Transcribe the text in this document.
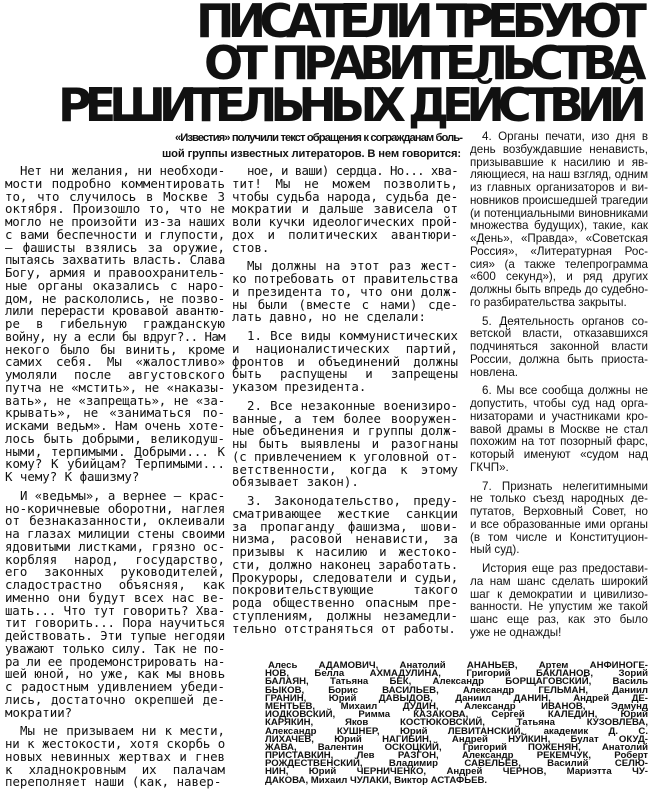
ПИСАТЕЛИ ТРЕБУЮТ
ОТ ПРАВИТЕЛЬСТВА
РЕШИТЕЛЬНЫХ ДЕЙСТВИЙ
«Известия» получили текст обращения к согражданам боль-
шой группы известных литераторов. В нем говорится:
Нет ни желания, ни необходи-
мости подробно комментировать
то, что случилось в Москве 3
октября. Произошло то, что не
могло не произойти из-за наших
с вами беспечности и глупости,
— фашисты взялись за оружие,
пытаясь захватить власть. Слава
Богу, армия и правоохранитель-
ные органы оказались с наро-
дом, не раскололись, не позво-
лили перерасти кровавой авантю-
ре в гибельную гражданскую
войну, ну а если бы вдруг?.. Нам
некого было бы винить, кроме
самих себя. Мы «жалостливо»
умоляли после августовского
путча не «мстить», не «наказы-
вать», не «запрещать», не «за-
крывать», не «заниматься по-
исками ведьм». Нам очень хоте-
лось быть добрыми, великодуш-
ными, терпимыми. Добрыми... К
кому? К убийцам? Терпимыми...
К чему? К фашизму?
И «ведьмы», а вернее — крас-
но-коричневые оборотни, наглея
от безнаказанности, оклеивали
на глазах милиции стены своими
ядовитыми листками, грязно ос-
корбляя народ, государство,
его законных руководителей,
сладострастно объясняя, как
именно они будут всех нас ве-
шать... Что тут говорить? Хва-
тит говорить... Пора научиться
действовать. Эти тупые негодяи
уважают только силу. Так не по-
ра ли ее продемонстрировать на-
шей юной, но уже, как мы вновь
с радостным удивлением убеди-
лись, достаточно окрепшей де-
мократии?
Мы не призываем ни к мести,
ни к жестокости, хотя скорбь о
новых невинных жертвах и гнев
к хладнокровным их палачам
переполняет наши (как, навер-
ное, и ваши) сердца. Но... хва-
тит! Мы не можем позволить,
чтобы судьба народа, судьба де-
мократии и дальше зависела от
воли кучки идеологических прой-
дох и политических авантюри-
стов.
Мы должны на этот раз жест-
ко потребовать от правительства
и президента то, что они долж-
ны были (вместе с нами) сде-
лать давно, но не сделали:
1. Все виды коммунистических
и националистических партий,
фронтов и объединений должны
быть распущены и запрещены
указом президента.
2. Все незаконные военизиро-
ванные, а тем более вооружен-
ные объединения и группы долж-
ны быть выявлены и разогнаны
(с привлечением к уголовной от-
ветственности, когда к этому
обязывает закон).
3. Законодательство, преду-
сматривающее жесткие санкции
за пропаганду фашизма, шови-
низма, расовой ненависти, за
призывы к насилию и жестоко-
сти, должно наконец заработать.
Прокуроры, следователи и судьи,
покровительствующие такого
рода общественно опасным пре-
ступлениям, должны незамедли-
тельно отстраняться от работы.
4. Органы печати, изо дня в
день возбуждавшие ненависть,
призывавшие к насилию и яв-
ляющиеся, на наш взгляд, одним
из главных организаторов и ви-
новников происшедшей трагедии
(и потенциальными виновниками
множества будущих), такие, как
«День», «Правда», «Советская
Россия», «Литературная Рос-
сия» (а также телепрограмма
«600 секунд»), и ряд других
должны быть впредь до судебно-
го разбирательства закрыты.
5. Деятельность органов со-
ветской власти, отказавшихся
подчиняться законной власти
России, должна быть приоста-
новлена.
6. Мы все сообща должны не
допустить, чтобы суд над орга-
низаторами и участниками кро-
вавой драмы в Москве не стал
похожим на тот позорный фарс,
который именуют «судом над
ГКЧП».
7. Признать нелегитимными
не только съезд народных де-
путатов, Верховный Совет, но
и все образованные ими органы
(в том числе и Конституцион-
ный суд).
История еще раз предостави-
ла нам шанс сделать широкий
шаг к демократии и цивилизо-
ванности. Не упустим же такой
шанс еще раз, как это было
уже не однажды!
Алесь АДАМОВИЧ, Анатолий АНАНЬЕВ, Артем АНФИНОГЕ-
НОВ, Белла АХМАДУЛИНА, Григорий БАКЛАНОВ, Зорий
БАЛАЯН, Татьяна БЕК, Александр БОРЩАГОВСКИЙ, Василь
БЫКОВ, Борис ВАСИЛЬЕВ, Александр ГЕЛЬМАН, Даниил
ГРАНИН, Юрий ДАВЫДОВ, Даниил ДАНИН, Андрей ДЕ-
МЕНТЬЕВ, Михаил ДУДИН, Александр ИВАНОВ, Эдмунд
ИОДКОВСКИЙ, Римма КАЗАКОВА, Сергей КАЛЕДИН, Юрий
КАРЯКИН, Яков КОСТЮКОВСКИЙ, Татьяна КУЗОВЛЕВА,
Александр КУШНЕР, Юрий ЛЕВИТАНСКИЙ, академик Д. С.
ЛИХАЧЕВ, Юрий НАГИБИН, Андрей НУЙКИН, Булат ОКУД-
ЖАВА, Валентин ОСКОЦКИЙ, Григорий ПОЖЕНЯН, Анатолий
ПРИСТАВКИН, Лев РАЗГОН, Александр РЕКЕМЧУК, Роберт
РОЖДЕСТВЕНСКИЙ, Владимир САВЕЛЬЕВ, Василий СЕЛЮ-
НИН, Юрий ЧЕРНИЧЕНКО, Андрей ЧЕРНОВ, Мариэтта ЧУ-
ДАКОВА, Михаил ЧУЛАКИ, Виктор АСТАФЬЕВ.
